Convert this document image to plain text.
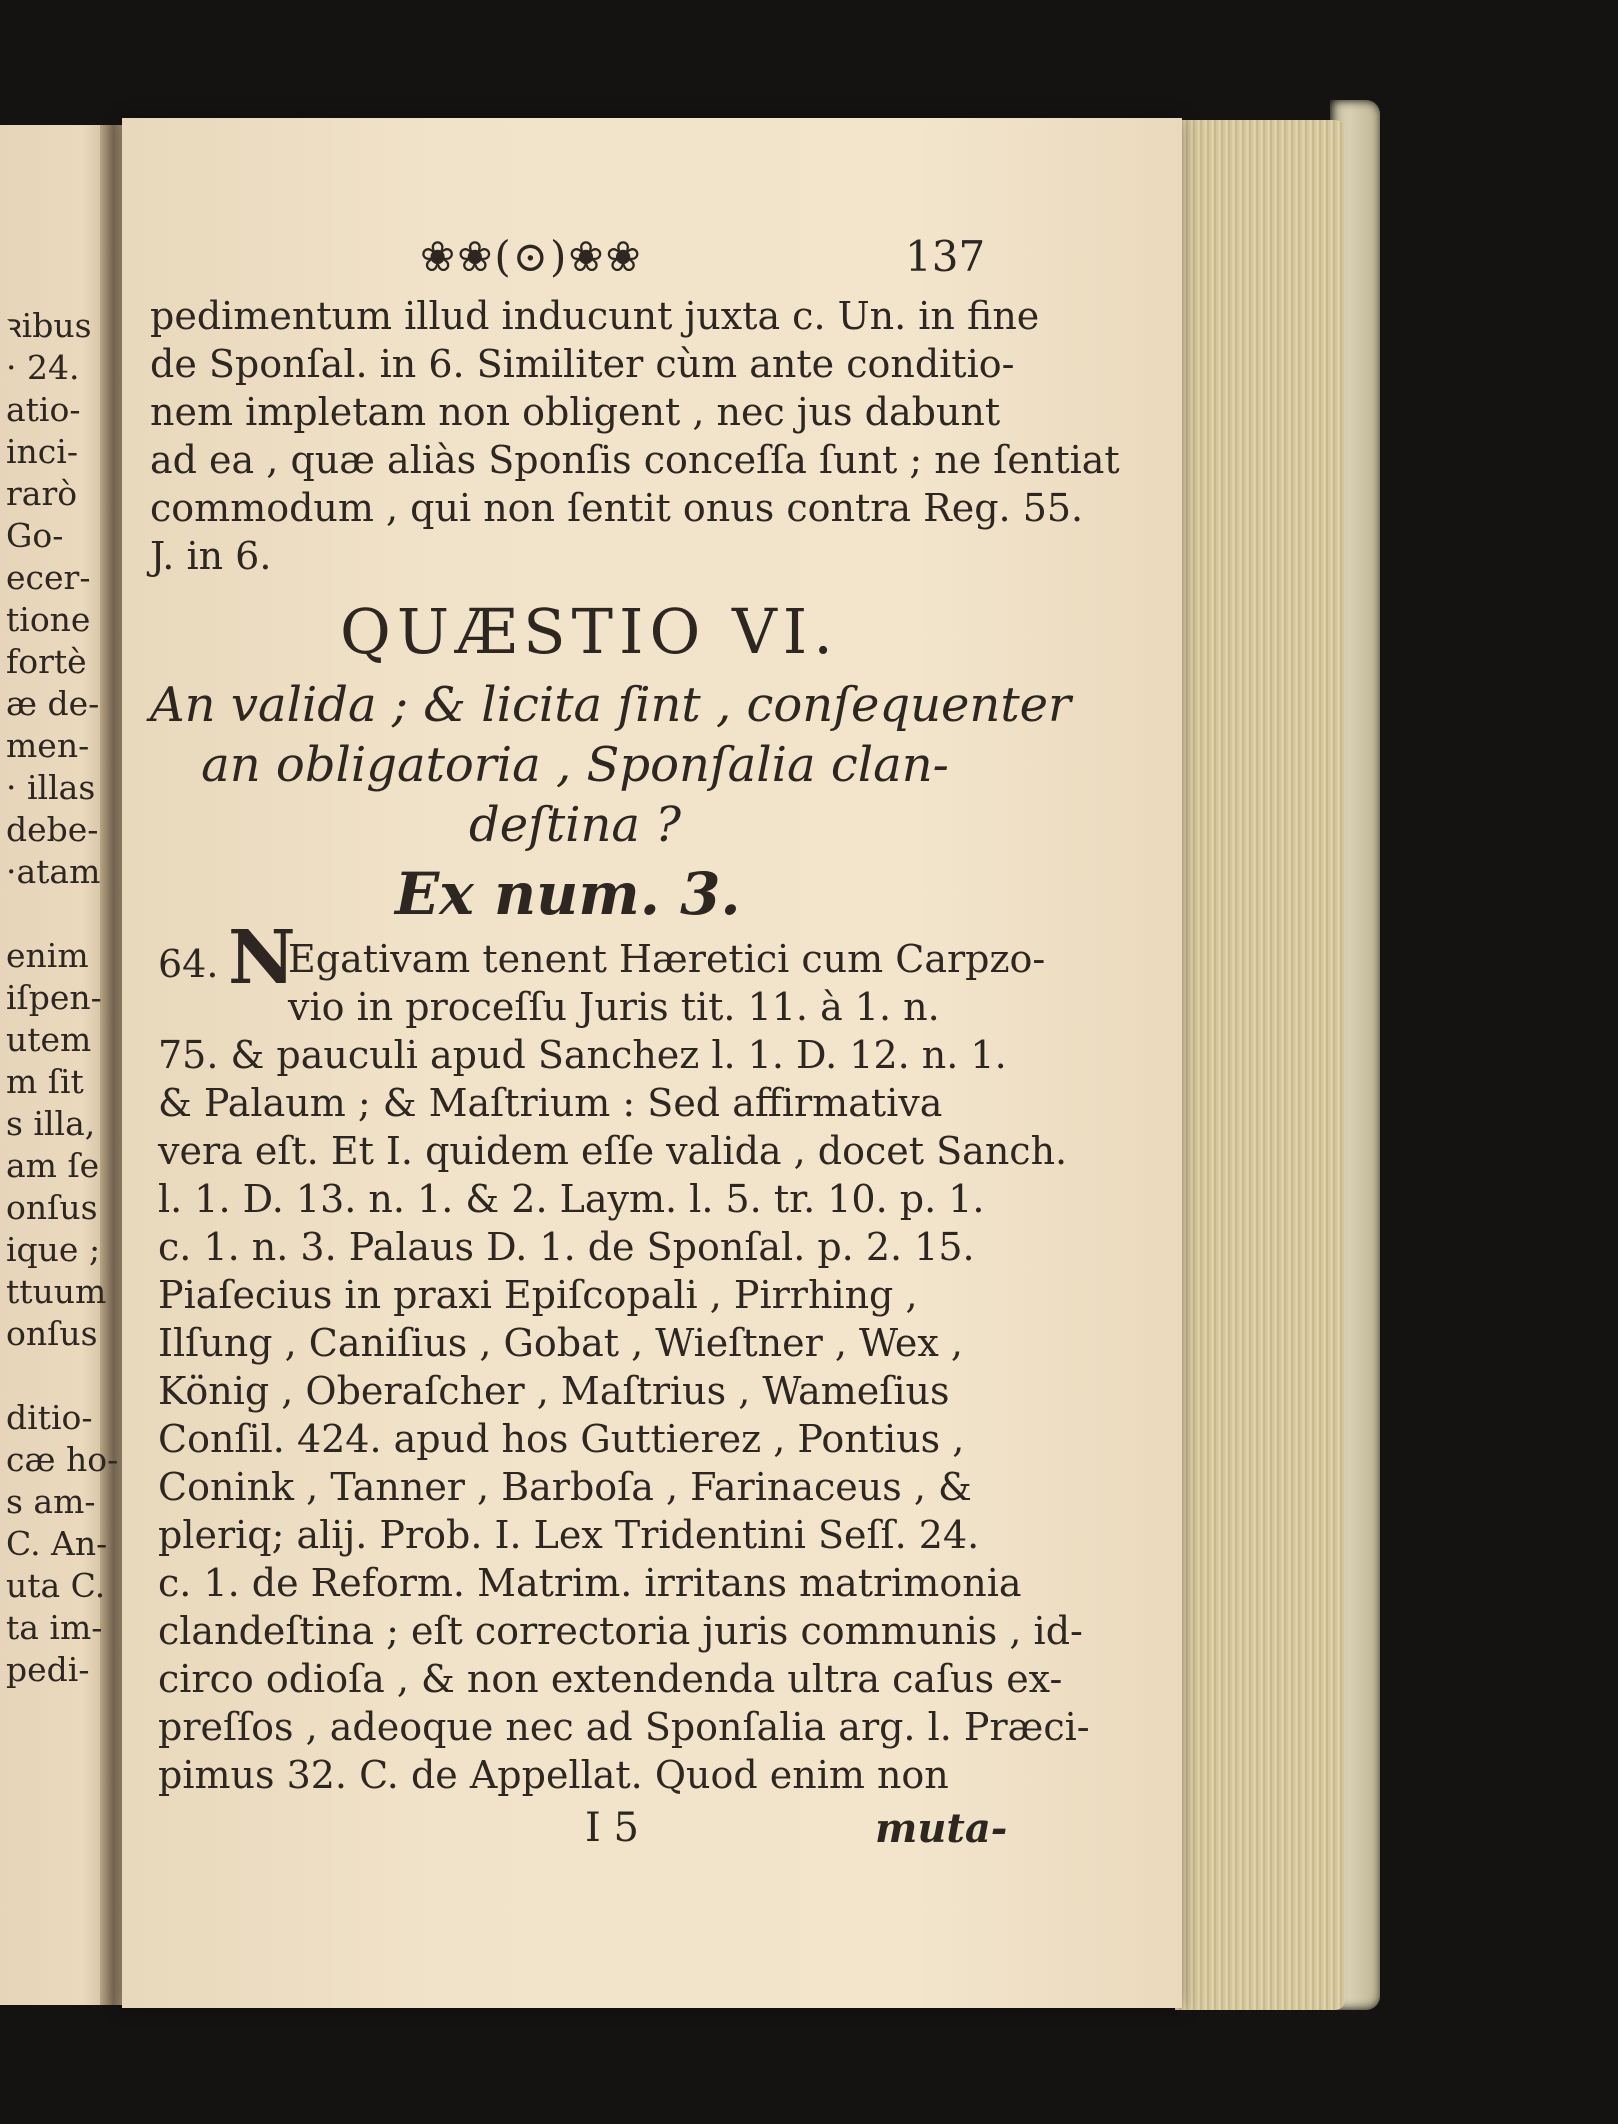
ꝛibus
· 24.
atio-
inci-
rarò
Go-
ecer-
tione
fortè
æ de-
men-
· illas
debe-
·atam
enim
iſpen-
utem
m ſit
s illa,
am ſe
onſus
ique ;
ttuum
onſus
ditio-
cæ ho-
s am-
C. An-
uta C.
ta im-
pedi-
❀❀(⊙)❀❀	137
pedimentum illud inducunt juxta c. Un. in fine
de Sponſal. in 6. Similiter cùm ante conditio-
nem impletam non obligent , nec jus dabunt
ad ea , quæ aliàs Sponſis conceſſa ſunt ; ne ſentiat
commodum , qui non ſentit onus contra Reg. 55.
J. in 6.
QUÆSTIO VI.
An valida ; & licita ſint , conſequenter
an obligatoria , Sponſalia clan-
deſtina ?
Ex num. 3.
64. N
Egativam tenent Hæretici cum Carpzo-
vio in proceſſu Juris tit. 11. à 1. n.
75. & pauculi apud Sanchez l. 1. D. 12. n. 1.
& Palaum ; & Maſtrium : Sed affirmativa
vera eſt. Et I. quidem eſſe valida , docet Sanch.
l. 1. D. 13. n. 1. & 2. Laym. l. 5. tr. 10. p. 1.
c. 1. n. 3. Palaus D. 1. de Sponſal. p. 2. 15.
Piaſecius in praxi Epiſcopali , Pirrhing ,
Ilſung , Caniſius , Gobat , Wieſtner , Wex ,
König , Oberaſcher , Maſtrius , Wameſius
Conſil. 424. apud hos Guttierez , Pontius ,
Conink , Tanner , Barboſa , Farinaceus , &
pleriq; alij. Prob. I. Lex Tridentini Seſſ. 24.
c. 1. de Reform. Matrim. irritans matrimonia
clandeſtina ; eſt correctoria juris communis , id-
circo odioſa , & non extendenda ultra caſus ex-
preſſos , adeoque nec ad Sponſalia arg. l. Præci-
pimus 32. C. de Appellat. Quod enim non
I 5	muta-
